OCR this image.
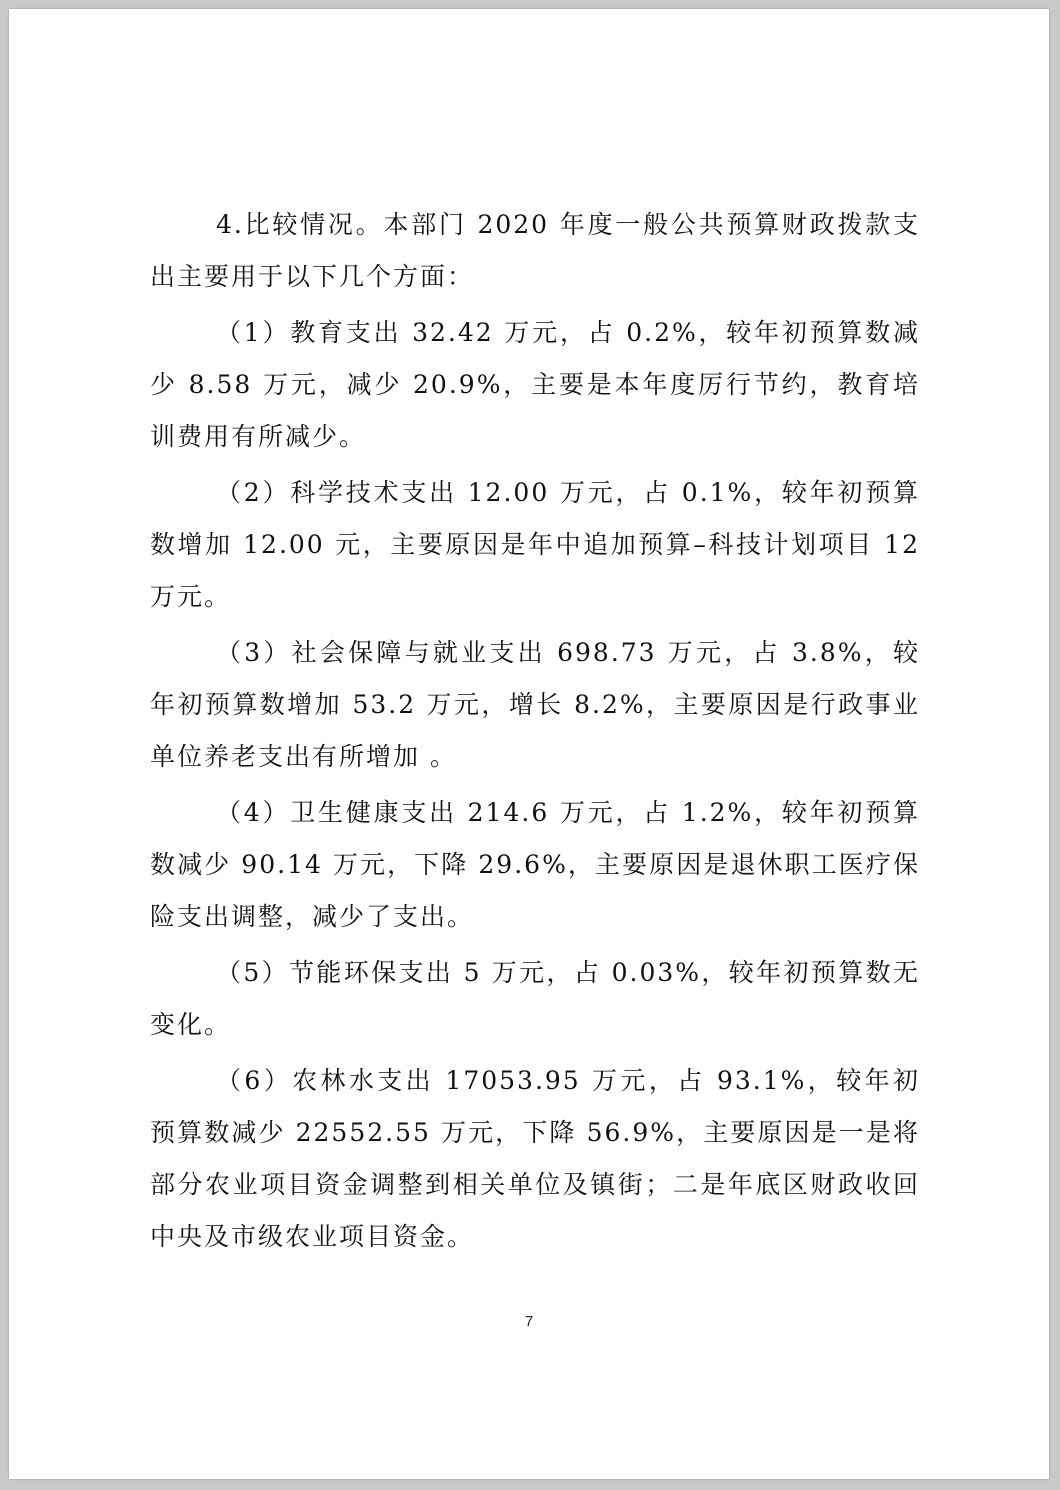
4.比较情况。本部门 2020 年度一般公共预算财政拨款支出主要用于以下几个方面：

（1）教育支出 32.42 万元，占 0.2%，较年初预算数减少 8.58 万元，减少 20.9%，主要是本年度厉行节约，教育培训费用有所减少。

（2）科学技术支出 12.00 万元，占 0.1%，较年初预算数增加 12.00 元，主要原因是年中追加预算–科技计划项目 12 万元。

（3）社会保障与就业支出 698.73 万元，占 3.8%，较年初预算数增加 53.2 万元，增长 8.2%，主要原因是行政事业单位养老支出有所增加 。

（4）卫生健康支出 214.6 万元，占 1.2%，较年初预算数减少 90.14 万元，下降 29.6%，主要原因是退休职工医疗保险支出调整，减少了支出。

（5）节能环保支出 5 万元，占 0.03%，较年初预算数无变化。

（6）农林水支出 17053.95 万元，占 93.1%，较年初预算数减少 22552.55 万元，下降 56.9%，主要原因是一是将部分农业项目资金调整到相关单位及镇街；二是年底区财政收回中央及市级农业项目资金。

7
